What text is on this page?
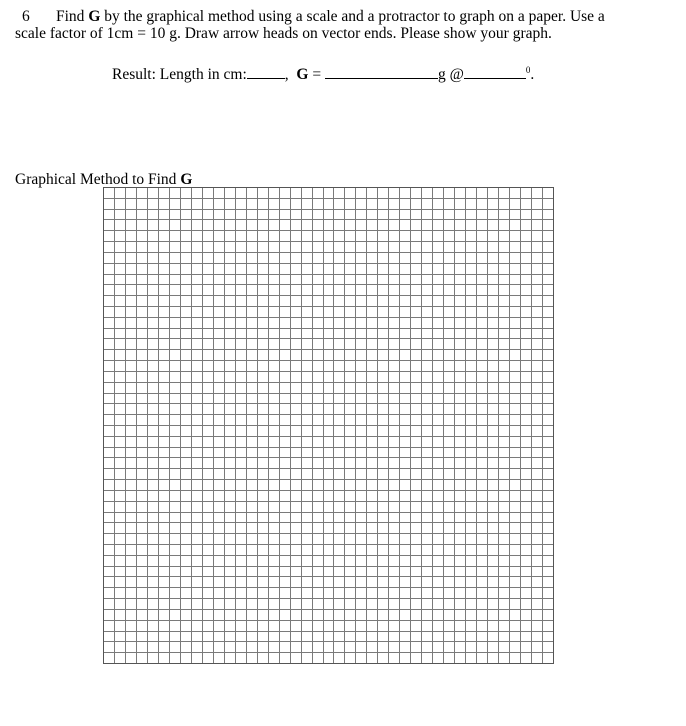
6 Find G by the graphical method using a scale and a protractor to graph on a paper. Use a
scale factor of 1cm = 10 g. Draw arrow heads on vector ends. Please show your graph.
Result: Length in cm: ,  G =	g @	$^0$.
Graphical Method to Find G
